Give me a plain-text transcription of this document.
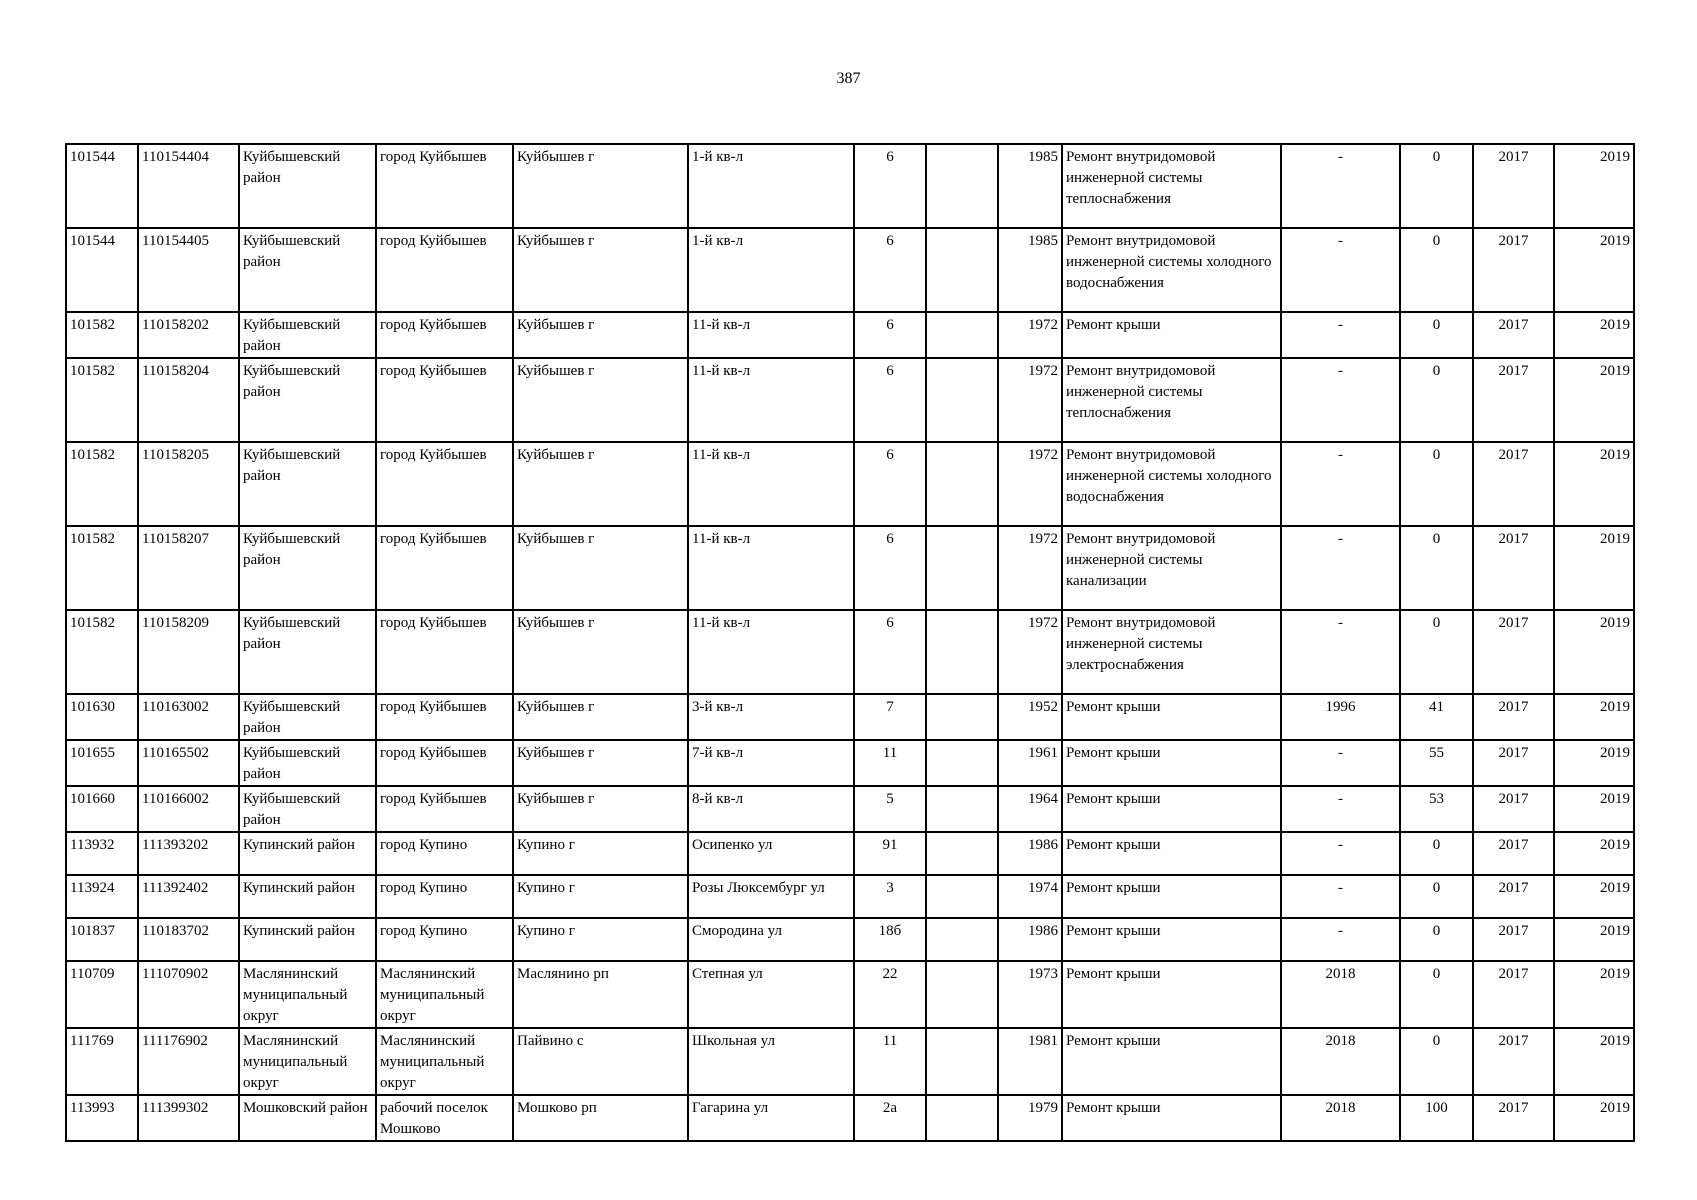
387
101544	110154404	Куйбышевский район	город Куйбышев	Куйбышев г	1-й кв-л	6		1985	Ремонт внутридомовой инженерной системы теплоснабжения	-	0	2017	2019
101544	110154405	Куйбышевский район	город Куйбышев	Куйбышев г	1-й кв-л	6		1985	Ремонт внутридомовой инженерной системы холодного водоснабжения	-	0	2017	2019
101582	110158202	Куйбышевский район	город Куйбышев	Куйбышев г	11-й кв-л	6		1972	Ремонт крыши	-	0	2017	2019
101582	110158204	Куйбышевский район	город Куйбышев	Куйбышев г	11-й кв-л	6		1972	Ремонт внутридомовой инженерной системы теплоснабжения	-	0	2017	2019
101582	110158205	Куйбышевский район	город Куйбышев	Куйбышев г	11-й кв-л	6		1972	Ремонт внутридомовой инженерной системы холодного водоснабжения	-	0	2017	2019
101582	110158207	Куйбышевский район	город Куйбышев	Куйбышев г	11-й кв-л	6		1972	Ремонт внутридомовой инженерной системы канализации	-	0	2017	2019
101582	110158209	Куйбышевский район	город Куйбышев	Куйбышев г	11-й кв-л	6		1972	Ремонт внутридомовой инженерной системы электроснабжения	-	0	2017	2019
101630	110163002	Куйбышевский район	город Куйбышев	Куйбышев г	3-й кв-л	7		1952	Ремонт крыши	1996	41	2017	2019
101655	110165502	Куйбышевский район	город Куйбышев	Куйбышев г	7-й кв-л	11		1961	Ремонт крыши	-	55	2017	2019
101660	110166002	Куйбышевский район	город Куйбышев	Куйбышев г	8-й кв-л	5		1964	Ремонт крыши	-	53	2017	2019
113932	111393202	Купинский район	город Купино	Купино г	Осипенко ул	91		1986	Ремонт крыши	-	0	2017	2019
113924	111392402	Купинский район	город Купино	Купино г	Розы Люксембург ул	3		1974	Ремонт крыши	-	0	2017	2019
101837	110183702	Купинский район	город Купино	Купино г	Смородина ул	18б		1986	Ремонт крыши	-	0	2017	2019
110709	111070902	Маслянинский муниципальный округ	Маслянинский муниципальный округ	Маслянино рп	Степная ул	22		1973	Ремонт крыши	2018	0	2017	2019
111769	111176902	Маслянинский муниципальный округ	Маслянинский муниципальный округ	Пайвино с	Школьная ул	11		1981	Ремонт крыши	2018	0	2017	2019
113993	111399302	Мошковский район	рабочий поселок Мошково	Мошково рп	Гагарина ул	2а		1979	Ремонт крыши	2018	100	2017	2019
